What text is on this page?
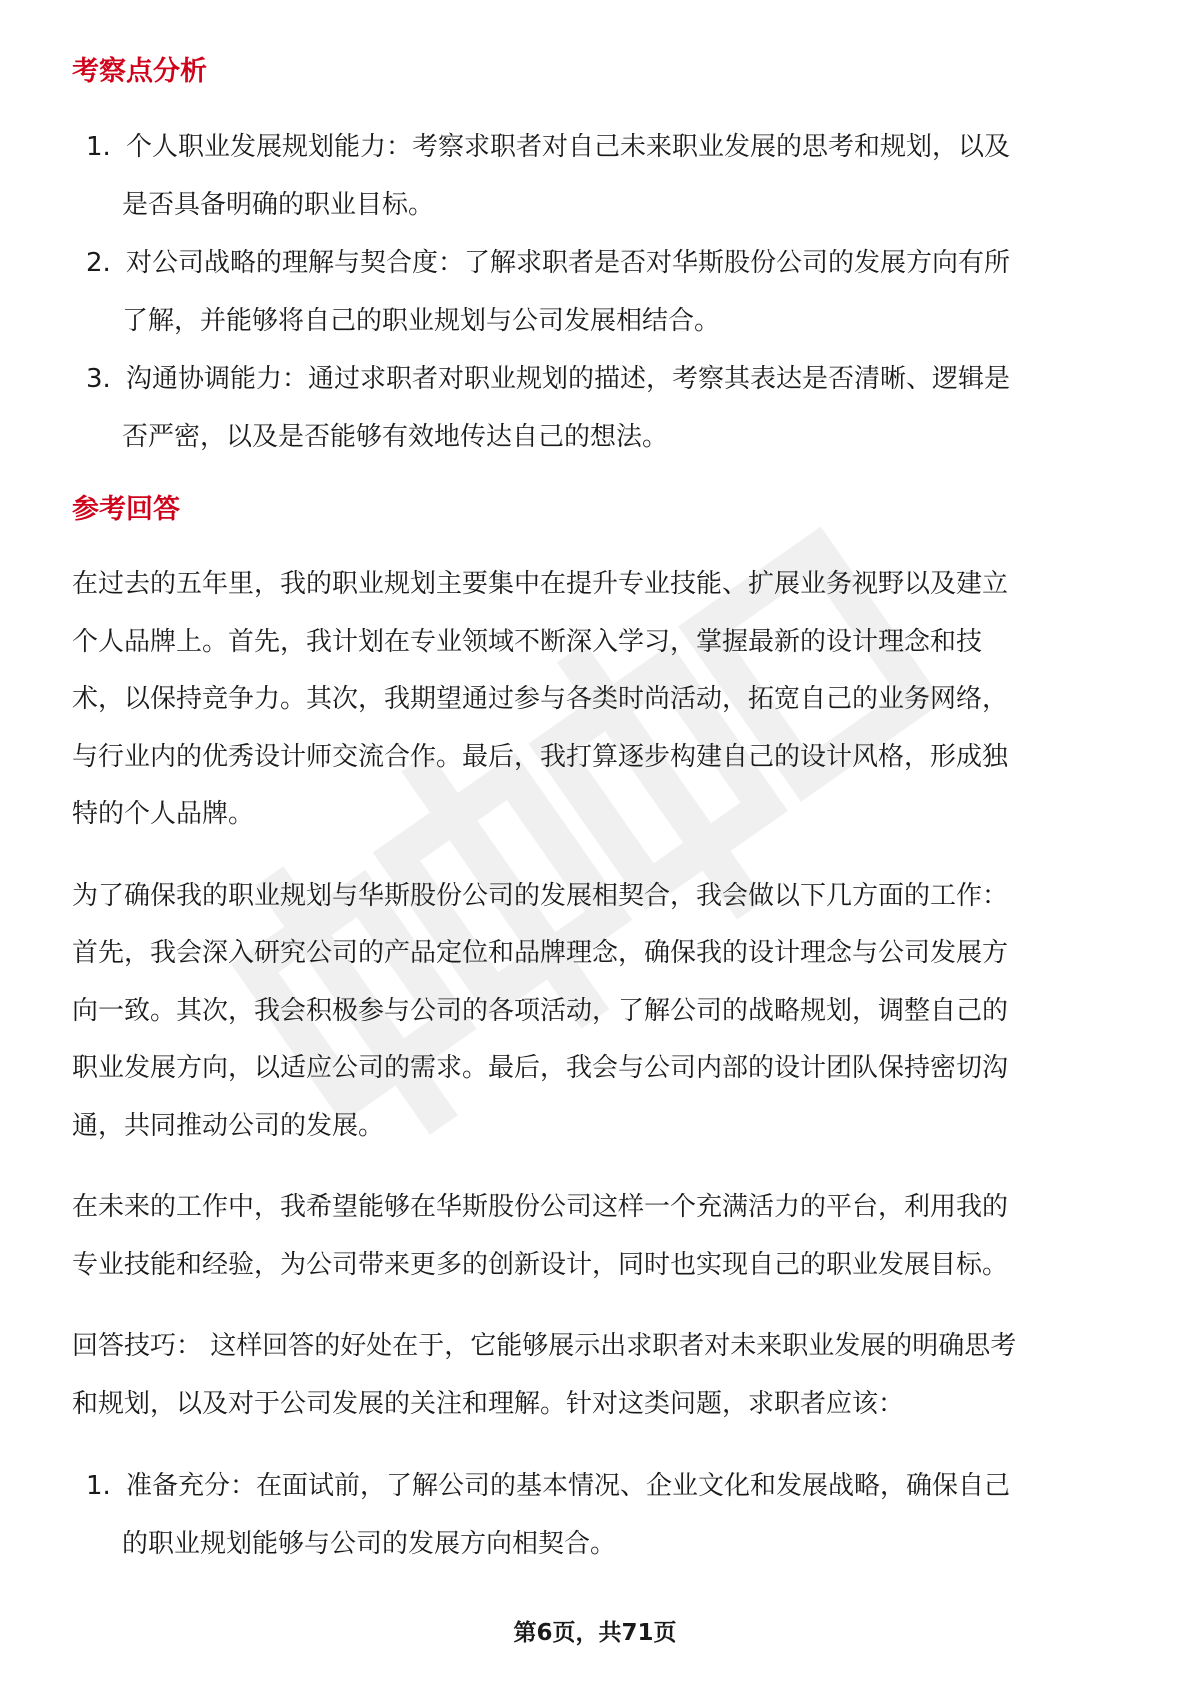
考察点分析
1. 个人职业发展规划能力：考察求职者对自己未来职业发展的思考和规划，以及
是否具备明确的职业目标。
2. 对公司战略的理解与契合度：了解求职者是否对华斯股份公司的发展方向有所
了解，并能够将自己的职业规划与公司发展相结合。
3. 沟通协调能力：通过求职者对职业规划的描述，考察其表达是否清晰、逻辑是
否严密，以及是否能够有效地传达自己的想法。
参考回答
在过去的五年里，我的职业规划主要集中在提升专业技能、扩展业务视野以及建立
个人品牌上。首先，我计划在专业领域不断深入学习，掌握最新的设计理念和技
术，以保持竞争力。其次，我期望通过参与各类时尚活动，拓宽自己的业务网络，
与行业内的优秀设计师交流合作。最后，我打算逐步构建自己的设计风格，形成独
特的个人品牌。
为了确保我的职业规划与华斯股份公司的发展相契合，我会做以下几方面的工作：
首先，我会深入研究公司的产品定位和品牌理念，确保我的设计理念与公司发展方
向一致。其次，我会积极参与公司的各项活动，了解公司的战略规划，调整自己的
职业发展方向，以适应公司的需求。最后，我会与公司内部的设计团队保持密切沟
通，共同推动公司的发展。
在未来的工作中，我希望能够在华斯股份公司这样一个充满活力的平台，利用我的
专业技能和经验，为公司带来更多的创新设计，同时也实现自己的职业发展目标。
回答技巧： 这样回答的好处在于，它能够展示出求职者对未来职业发展的明确思考
和规划，以及对于公司发展的关注和理解。针对这类问题，求职者应该：
1. 准备充分：在面试前，了解公司的基本情况、企业文化和发展战略，确保自己
的职业规划能够与公司的发展方向相契合。
第6页，共71页
